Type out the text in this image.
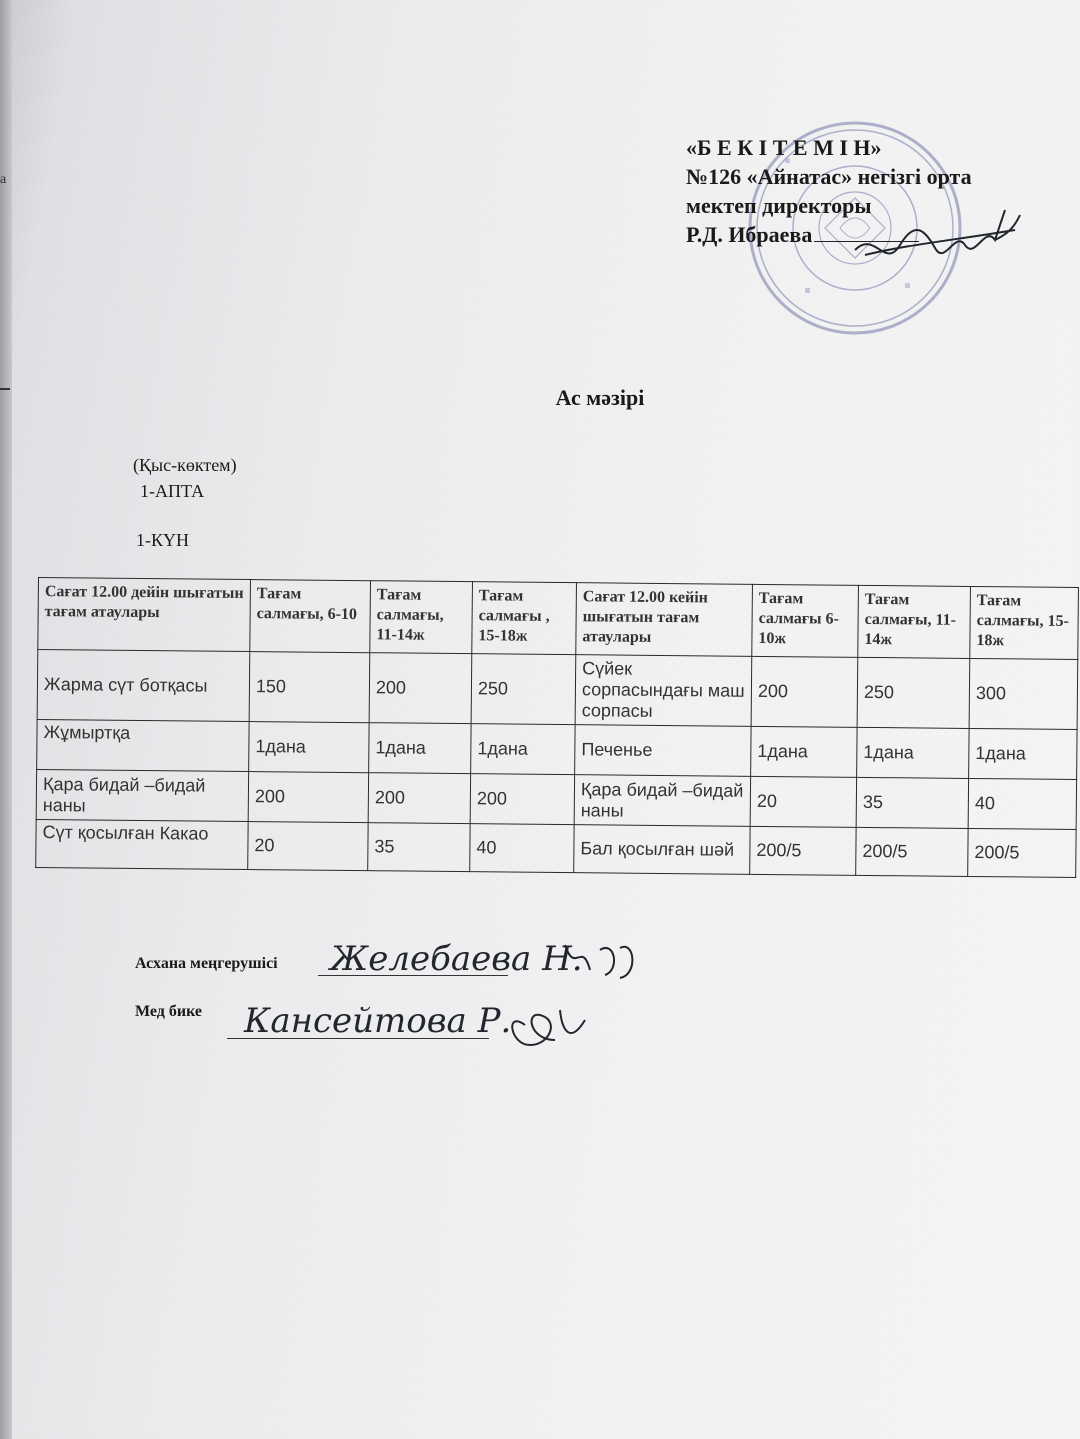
а

«Б Е К І Т Е М І Н»
№126 «Айнатас» негізгі орта
мектеп директоры
Р.Д. Ибраева
Ас мәзірі
(Қыс-көктем)
1-АПТА
1-КҮН
Сағат 12.00 дейін шығатын тағам атаулары	Тағам салмағы, 6-10	Тағам салмағы, 11-14ж	Тағам салмағы , 15-18ж	Сағат 12.00 кейін шығатын тағам атаулары	Тағам салмағы 6-10ж	Тағам салмағы, 11-14ж	Тағам салмағы, 15-18ж
Жарма сүт ботқасы	150	200	250	Сүйек сорпасындағы маш сорпасы	200	250	300
Жұмыртқа	1дана	1дана	1дана	Печенье	1дана	1дана	1дана
Қара бидай –бидай наны	200	200	200	Қара бидай –бидай наны	20	35	40
Сүт қосылған Какао	20	35	40	Бал қосылған шәй	200/5	200/5	200/5
Асхана меңгерушісі Желебаева Н.
Мед бике Кансейтова Р.
